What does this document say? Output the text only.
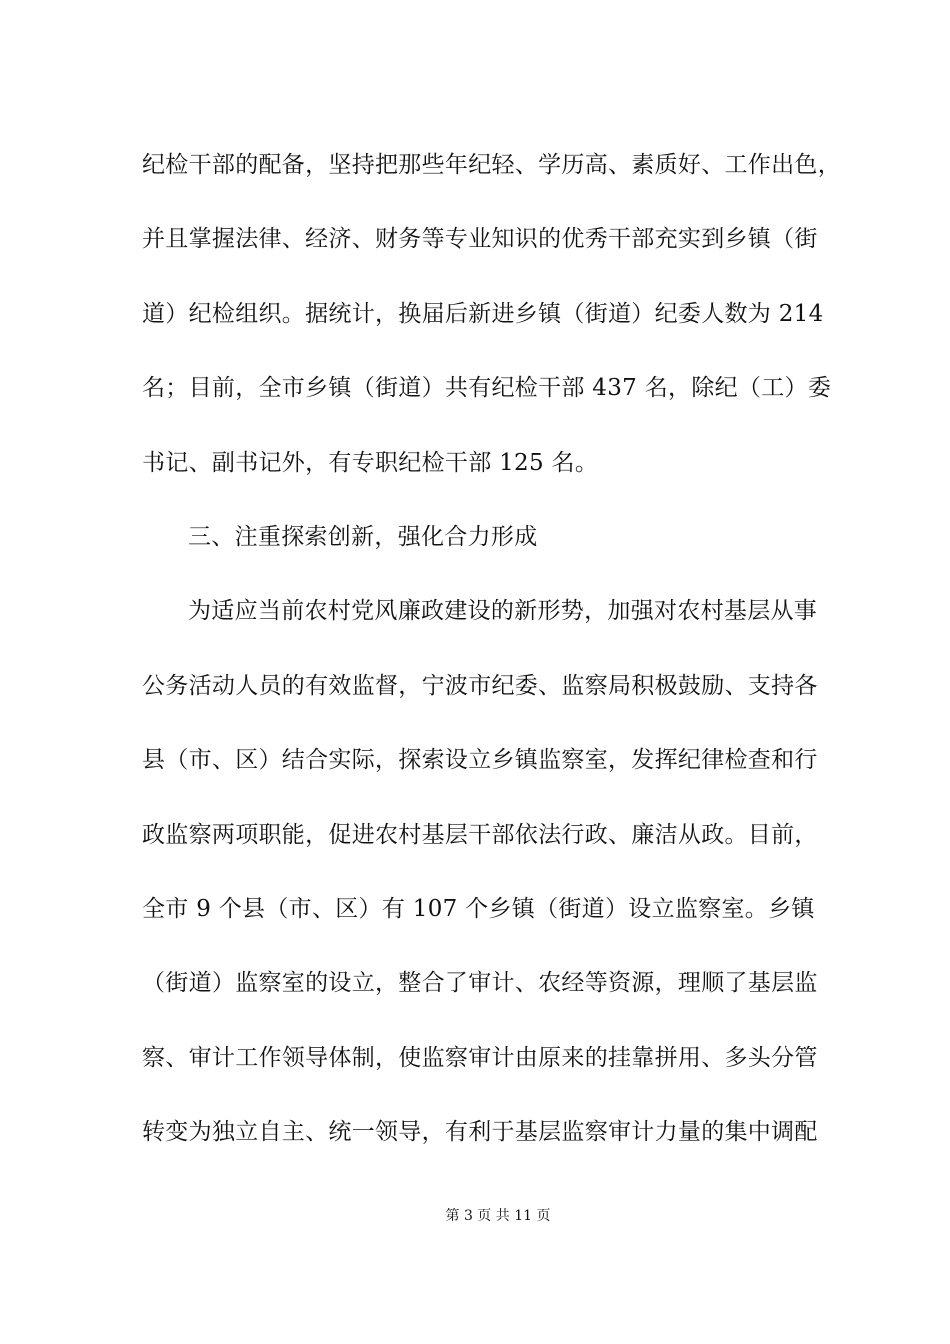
纪检干部的配备，坚持把那些年纪轻、学历高、素质好、工作出色，
并且掌握法律、经济、财务等专业知识的优秀干部充实到乡镇（街
道）纪检组织。据统计，换届后新进乡镇（街道）纪委人数为 214
名；目前，全市乡镇（街道）共有纪检干部 437 名，除纪（工）委
书记、副书记外，有专职纪检干部 125 名。
三、注重探索创新，强化合力形成
为适应当前农村党风廉政建设的新形势，加强对农村基层从事
公务活动人员的有效监督，宁波市纪委、监察局积极鼓励、支持各
县（市、区）结合实际，探索设立乡镇监察室，发挥纪律检查和行
政监察两项职能，促进农村基层干部依法行政、廉洁从政。目前，
全市 9 个县（市、区）有 107 个乡镇（街道）设立监察室。乡镇
（街道）监察室的设立，整合了审计、农经等资源，理顺了基层监
察、审计工作领导体制，使监察审计由原来的挂靠拼用、多头分管
转变为独立自主、统一领导，有利于基层监察审计力量的集中调配
第 3 页 共 11 页
